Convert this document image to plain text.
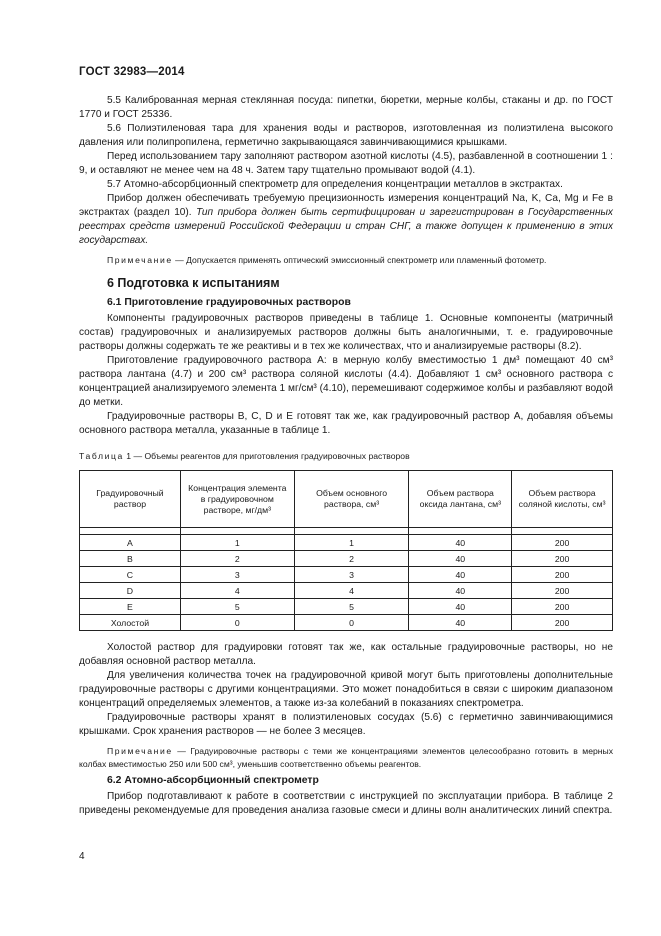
ГОСТ 32983—2014

5.5 Калиброванная мерная стеклянная посуда: пипетки, бюретки, мерные колбы, стаканы и др. по ГОСТ 1770 и ГОСТ 25336.

5.6 Полиэтиленовая тара для хранения воды и растворов, изготовленная из полиэтилена высокого давления или полипропилена, герметично закрывающаяся завинчивающимися крышками.

Перед использованием тару заполняют раствором азотной кислоты (4.5), разбавленной в соотношении 1 : 9, и оставляют не менее чем на 48 ч. Затем тару тщательно промывают водой (4.1).

5.7 Атомно-абсорбционный спектрометр для определения концентрации металлов в экстрактах.

Прибор должен обеспечивать требуемую прецизионность измерения концентраций Na, K, Ca, Mg и Fe в экстрактах (раздел 10). Тип прибора должен быть сертифицирован и зарегистрирован в Государственных реестрах средств измерений Российской Федерации и стран СНГ, а также допущен к применению в этих государствах.

Примечание — Допускается применять оптический эмиссионный спектрометр или пламенный фотометр.

6 Подготовка к испытаниям

6.1 Приготовление градуировочных растворов

Компоненты градуировочных растворов приведены в таблице 1. Основные компоненты (матричный состав) градуировочных и анализируемых растворов должны быть аналогичными, т. е. градуировочные растворы должны содержать те же реактивы и в тех же количествах, что и анализируемые растворы (8.2).

Приготовление градуировочного раствора А: в мерную колбу вместимостью 1 дм³ помещают 40 см³ раствора лантана (4.7) и 200 см³ раствора соляной кислоты (4.4). Добавляют 1 см³ основного раствора с концентрацией анализируемого элемента 1 мг/см³ (4.10), перемешивают содержимое колбы и разбавляют водой до метки.

Градуировочные растворы В, С, D и Е готовят так же, как градуировочный раствор А, добавляя объемы основного раствора металла, указанные в таблице 1.

Таблица 1 — Объемы реагентов для приготовления градуировочных растворов
Градуировочный раствор	Концентрация элемента в градуировочном растворе, мг/дм³	Объем основного раствора, см³	Объем раствора оксида лантана, см³	Объем раствора соляной кислоты, см³

A	1	1	40	200
B	2	2	40	200
C	3	3	40	200
D	4	4	40	200
E	5	5	40	200
Холостой	0	0	40	200

Холостой раствор для градуировки готовят так же, как остальные градуировочные растворы, но не добавляя основной раствор металла.

Для увеличения количества точек на градуировочной кривой могут быть приготовлены дополнительные градуировочные растворы с другими концентрациями. Это может понадобиться в связи с широким диапазоном концентраций определяемых элементов, а также из-за колебаний в показаниях спектрометра.

Градуировочные растворы хранят в полиэтиленовых сосудах (5.6) с герметично завинчивающимися крышками. Срок хранения растворов — не более 3 месяцев.

Примечание — Градуировочные растворы с теми же концентрациями элементов целесообразно готовить в мерных колбах вместимостью 250 или 500 см³, уменьшив соответственно объемы реагентов.

6.2 Атомно-абсорбционный спектрометр

Прибор подготавливают к работе в соответствии с инструкцией по эксплуатации прибора. В таблице 2 приведены рекомендуемые для проведения анализа газовые смеси и длины волн аналитических линий спектра.

4
